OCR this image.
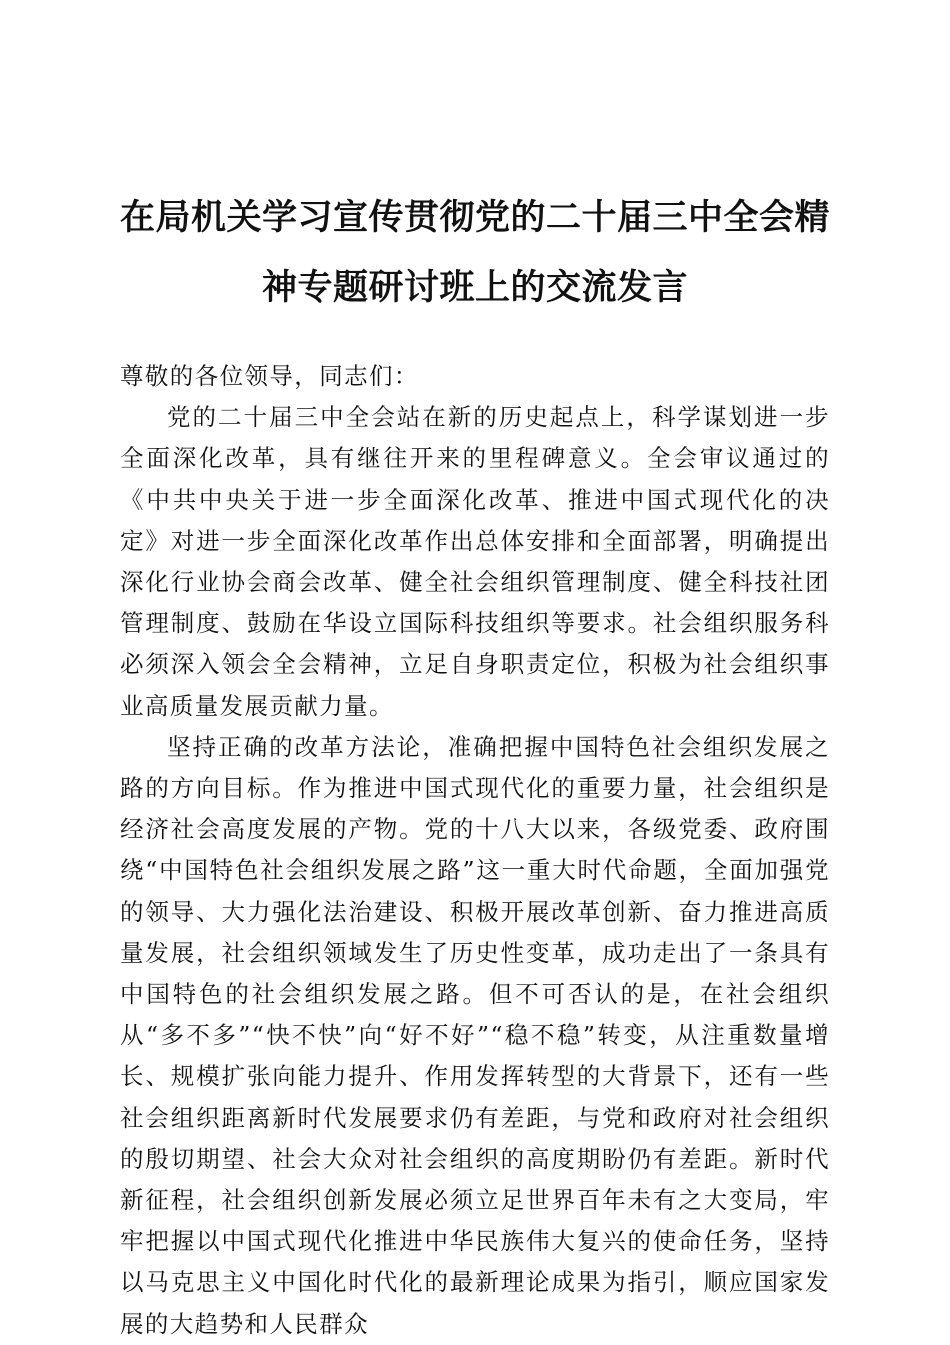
在局机关学习宣传贯彻党的二十届三中全会精
神专题研讨班上的交流发言

尊敬的各位领导，同志们：

党的二十届三中全会站在新的历史起点上，科学谋划进一步全面深化改革，具有继往开来的里程碑意义。全会审议通过的《中共中央关于进一步全面深化改革、推进中国式现代化的决定》对进一步全面深化改革作出总体安排和全面部署，明确提出深化行业协会商会改革、健全社会组织管理制度、健全科技社团管理制度、鼓励在华设立国际科技组织等要求。社会组织服务科必须深入领会全会精神，立足自身职责定位，积极为社会组织事业高质量发展贡献力量。

坚持正确的改革方法论，准确把握中国特色社会组织发展之路的方向目标。作为推进中国式现代化的重要力量，社会组织是经济社会高度发展的产物。党的十八大以来，各级党委、政府围绕“中国特色社会组织发展之路”这一重大时代命题，全面加强党的领导、大力强化法治建设、积极开展改革创新、奋力推进高质量发展，社会组织领域发生了历史性变革，成功走出了一条具有中国特色的社会组织发展之路。但不可否认的是，在社会组织从“多不多”“快不快”向“好不好”“稳不稳”转变，从注重数量增长、规模扩张向能力提升、作用发挥转型的大背景下，还有一些社会组织距离新时代发展要求仍有差距，与党和政府对社会组织的殷切期望、社会大众对社会组织的高度期盼仍有差距。新时代新征程，社会组织创新发展必须立足世界百年未有之大变局，牢牢把握以中国式现代化推进中华民族伟大复兴的使命任务，坚持以马克思主义中国化时代化的最新理论成果为指引，顺应国家发展的大趋势和人民群众
